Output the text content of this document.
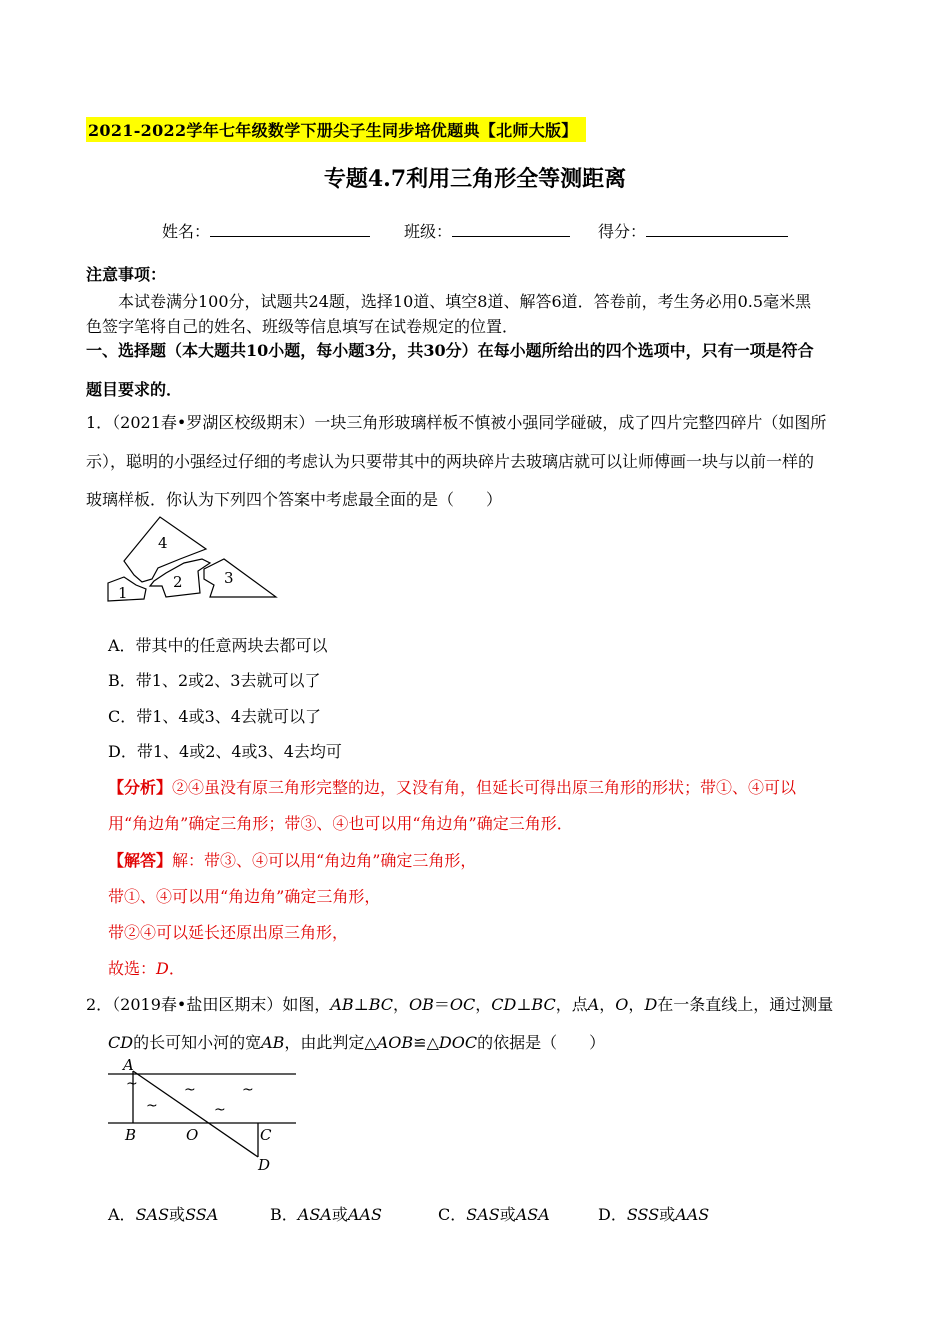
2021-2022学年七年级数学下册尖子生同步培优题典【北师大版】
专题4.7利用三角形全等测距离
姓名：	班级：	得分：
注意事项：
本试卷满分100分，试题共24题，选择10道、填空8道、解答6道．答卷前，考生务必用0.5毫米黑
色签字笔将自己的姓名、班级等信息填写在试卷规定的位置．
一、选择题（本大题共10小题，每小题3分，共30分）在每小题所给出的四个选项中，只有一项是符合
题目要求的．
1．（2021春•罗湖区校级期末）一块三角形玻璃样板不慎被小强同学碰破，成了四片完整四碎片（如图所
示），聪明的小强经过仔细的考虑认为只要带其中的两块碎片去玻璃店就可以让师傅画一块与以前一样的
玻璃样板．你认为下列四个答案中考虑最全面的是（　　）
4
2	3
1
A．带其中的任意两块去都可以
B．带1、2或2、3去就可以了
C．带1、4或3、4去就可以了
D．带1、4或2、4或3、4去均可
【分析】②④虽没有原三角形完整的边，又没有角，但延长可得出原三角形的形状；带①、④可以
用“角边角”确定三角形；带③、④也可以用“角边角”确定三角形．
【解答】解：带③、④可以用“角边角”确定三角形，
带①、④可以用“角边角”确定三角形，
带②④可以延长还原出原三角形，
故选：D．
2．（2019春•盐田区期末）如图，AB⊥BC，OB＝OC，CD⊥BC，点A，O，D在一条直线上，通过测量
CD的长可知小河的宽AB，由此判定△AOB≌△DOC的依据是（　　）
A
B	O	C
D
~	~
~	~
~
A．SAS或SSA	B．ASA或AAS	C．SAS或ASA	D．SSS或AAS
